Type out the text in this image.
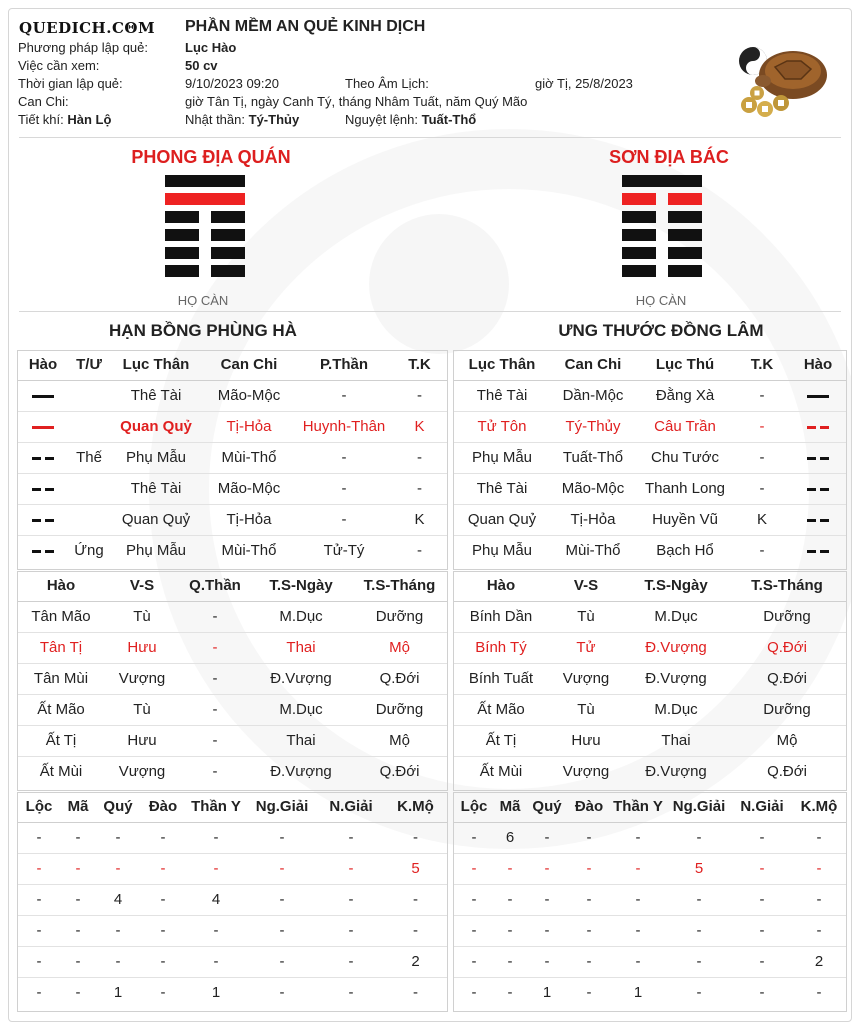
QUEDICH.CΘM PHẦN MỀM AN QUẺ KINH DỊCH
Phương pháp lập quẻ:	Lục Hào
Việc cần xem:	50 cv
Thời gian lập quẻ:	9/10/2023 09:20	Theo Âm Lịch:	giờ Tị, 25/8/2023
Can Chi:	giờ Tân Tị, ngày Canh Tý, tháng Nhâm Tuất, năm Quý Mão
Tiết khí: Hàn Lộ	Nhật thần: Tý-Thủy	Nguyệt lệnh: Tuất-Thổ
PHONG ĐỊA QUÁN	SƠN ĐỊA BÁC
HỌ CÀN	HỌ CÀN
HẠN BỒNG PHÙNG HÀ	ƯNG THƯỚC ĐỒNG LÂM
Hào	T/Ư	Lục Thân	Can Chi	P.Thần	T.K
		Thê Tài	Mão-Mộc	-	-
		Quan Quỷ	Tị-Hỏa	Huynh-Thân	K
	Thế	Phụ Mẫu	Mùi-Thổ	-	-
		Thê Tài	Mão-Mộc	-	-
		Quan Quỷ	Tị-Hỏa	-	K
	Ứng	Phụ Mẫu	Mùi-Thổ	Tử-Tý	-
Lục Thân	Can Chi	Lục Thú	T.K	Hào
Thê Tài	Dần-Mộc	Đằng Xà	-	
Tử Tôn	Tý-Thủy	Câu Trần	-	
Phụ Mẫu	Tuất-Thổ	Chu Tước	-	
Thê Tài	Mão-Mộc	Thanh Long	-	
Quan Quỷ	Tị-Hỏa	Huyền Vũ	K	
Phụ Mẫu	Mùi-Thổ	Bạch Hổ	-	
Hào	V-S	Q.Thần	T.S-Ngày	T.S-Tháng
Tân Mão	Tù	-	M.Dục	Dưỡng
Tân Tị	Hưu	-	Thai	Mộ
Tân Mùi	Vượng	-	Đ.Vượng	Q.Đới
Ất Mão	Tù	-	M.Dục	Dưỡng
Ất Tị	Hưu	-	Thai	Mộ
Ất Mùi	Vượng	-	Đ.Vượng	Q.Đới
Hào	V-S	T.S-Ngày	T.S-Tháng
Bính Dần	Tù	M.Dục	Dưỡng
Bính Tý	Tử	Đ.Vượng	Q.Đới
Bính Tuất	Vượng	Đ.Vượng	Q.Đới
Ất Mão	Tù	M.Dục	Dưỡng
Ất Tị	Hưu	Thai	Mộ
Ất Mùi	Vượng	Đ.Vượng	Q.Đới
Lộc	Mã	Quý	Đào	Thần Y	Ng.Giải	N.Giải	K.Mộ
-	-	-	-	-	-	-	-
-	-	-	-	-	-	-	5
-	-	4	-	4	-	-	-
-	-	-	-	-	-	-	-
-	-	-	-	-	-	-	2
-	-	1	-	1	-	-	-
Lộc	Mã	Quý	Đào	Thần Y	Ng.Giải	N.Giải	K.Mộ
-	6	-	-	-	-	-	-
-	-	-	-	-	5	-	-
-	-	-	-	-	-	-	-
-	-	-	-	-	-	-	-
-	-	-	-	-	-	-	2
-	-	1	-	1	-	-	-
